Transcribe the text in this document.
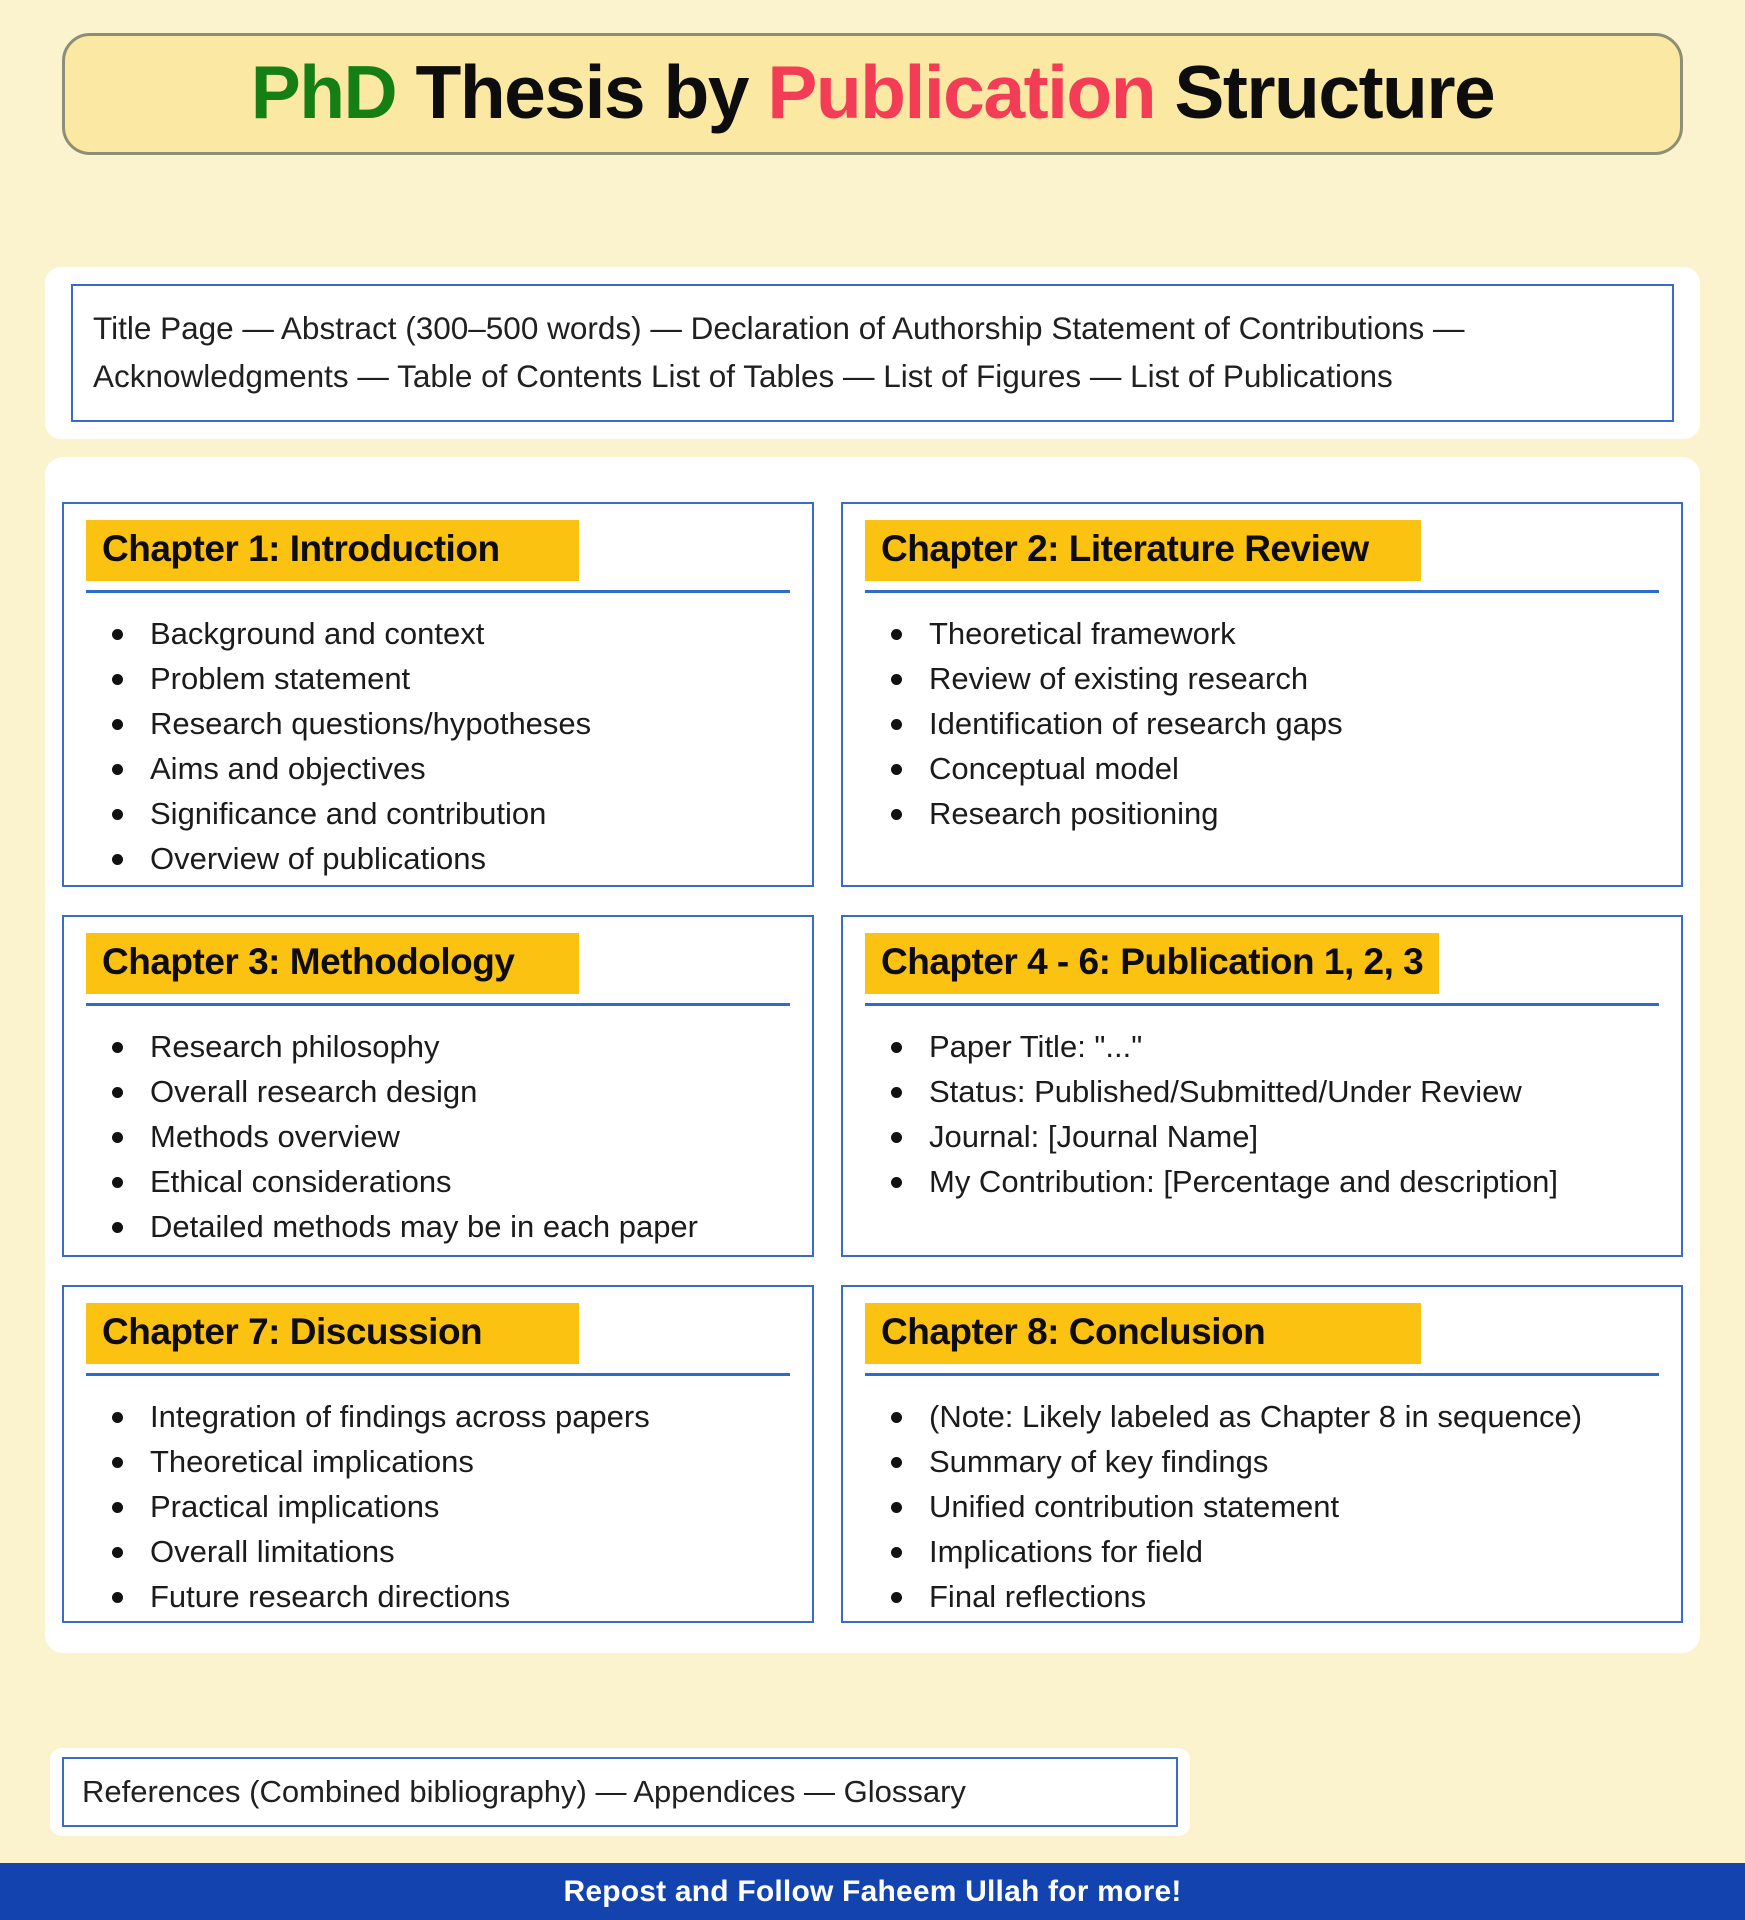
PhD Thesis by Publication Structure

Title Page — Abstract (300–500 words) — Declaration of Authorship Statement of Contributions — Acknowledgments — Table of Contents List of Tables — List of Figures — List of Publications

Chapter 1: Introduction
Background and context
Problem statement
Research questions/hypotheses
Aims and objectives
Significance and contribution
Overview of publications
Chapter 2: Literature Review
Theoretical framework
Review of existing research
Identification of research gaps
Conceptual model
Research positioning
Chapter 3: Methodology
Research philosophy
Overall research design
Methods overview
Ethical considerations
Detailed methods may be in each paper
Chapter 4 - 6: Publication 1, 2, 3
Paper Title: "..."
Status: Published/Submitted/Under Review
Journal: [Journal Name]
My Contribution: [Percentage and description]
Chapter 7: Discussion
Integration of findings across papers
Theoretical implications
Practical implications
Overall limitations
Future research directions
Chapter 8: Conclusion
(Note: Likely labeled as Chapter 8 in sequence)
Summary of key findings
Unified contribution statement
Implications for field
Final reflections

References (Combined bibliography) — Appendices — Glossary

Repost and Follow Faheem Ullah for more!
